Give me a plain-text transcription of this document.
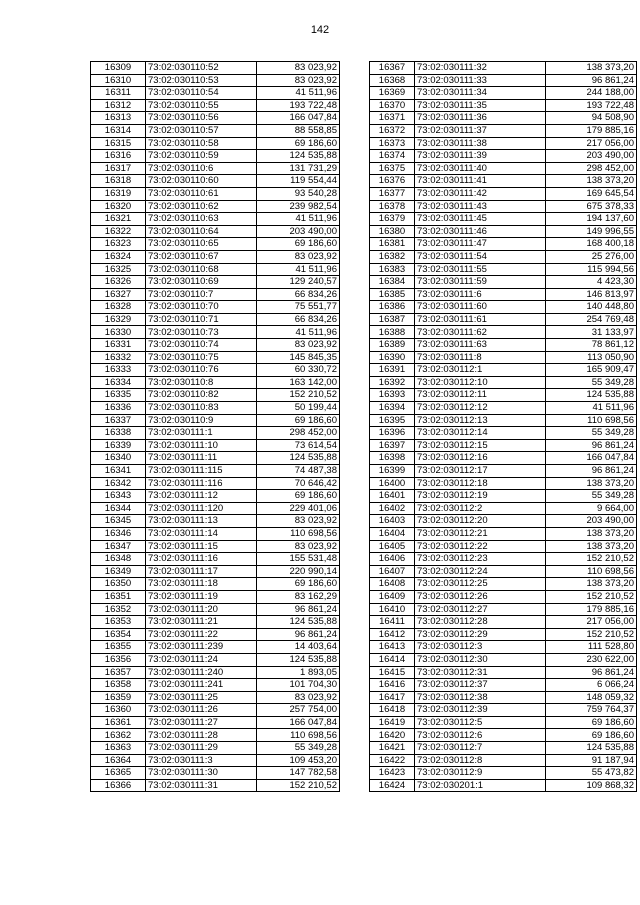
142
16309	73:02:030110:52	83 023,92
16310	73:02:030110:53	83 023,92
16311	73:02:030110:54	41 511,96
16312	73:02:030110:55	193 722,48
16313	73:02:030110:56	166 047,84
16314	73:02:030110:57	88 558,85
16315	73:02:030110:58	69 186,60
16316	73:02:030110:59	124 535,88
16317	73:02:030110:6	131 731,29
16318	73:02:030110:60	119 554,44
16319	73:02:030110:61	93 540,28
16320	73:02:030110:62	239 982,54
16321	73:02:030110:63	41 511,96
16322	73:02:030110:64	203 490,00
16323	73:02:030110:65	69 186,60
16324	73:02:030110:67	83 023,92
16325	73:02:030110:68	41 511,96
16326	73:02:030110:69	129 240,57
16327	73:02:030110:7	66 834,26
16328	73:02:030110:70	75 551,77
16329	73:02:030110:71	66 834,26
16330	73:02:030110:73	41 511,96
16331	73:02:030110:74	83 023,92
16332	73:02:030110:75	145 845,35
16333	73:02:030110:76	60 330,72
16334	73:02:030110:8	163 142,00
16335	73:02:030110:82	152 210,52
16336	73:02:030110:83	50 199,44
16337	73:02:030110:9	69 186,60
16338	73:02:030111:1	298 452,00
16339	73:02:030111:10	73 614,54
16340	73:02:030111:11	124 535,88
16341	73:02:030111:115	74 487,38
16342	73:02:030111:116	70 646,42
16343	73:02:030111:12	69 186,60
16344	73:02:030111:120	229 401,06
16345	73:02:030111:13	83 023,92
16346	73:02:030111:14	110 698,56
16347	73:02:030111:15	83 023,92
16348	73:02:030111:16	155 531,48
16349	73:02:030111:17	220 990,14
16350	73:02:030111:18	69 186,60
16351	73:02:030111:19	83 162,29
16352	73:02:030111:20	96 861,24
16353	73:02:030111:21	124 535,88
16354	73:02:030111:22	96 861,24
16355	73:02:030111:239	14 403,64
16356	73:02:030111:24	124 535,88
16357	73:02:030111:240	1 893,05
16358	73:02:030111:241	101 704,30
16359	73:02:030111:25	83 023,92
16360	73:02:030111:26	257 754,00
16361	73:02:030111:27	166 047,84
16362	73:02:030111:28	110 698,56
16363	73:02:030111:29	55 349,28
16364	73:02:030111:3	109 453,20
16365	73:02:030111:30	147 782,58
16366	73:02:030111:31	152 210,52
16367	73:02:030111:32	138 373,20
16368	73:02:030111:33	96 861,24
16369	73:02:030111:34	244 188,00
16370	73:02:030111:35	193 722,48
16371	73:02:030111:36	94 508,90
16372	73:02:030111:37	179 885,16
16373	73:02:030111:38	217 056,00
16374	73:02:030111:39	203 490,00
16375	73:02:030111:40	298 452,00
16376	73:02:030111:41	138 373,20
16377	73:02:030111:42	169 645,54
16378	73:02:030111:43	675 378,33
16379	73:02:030111:45	194 137,60
16380	73:02:030111:46	149 996,55
16381	73:02:030111:47	168 400,18
16382	73:02:030111:54	25 276,00
16383	73:02:030111:55	115 994,56
16384	73:02:030111:59	4 423,30
16385	73:02:030111:6	146 813,97
16386	73:02:030111:60	140 448,80
16387	73:02:030111:61	254 769,48
16388	73:02:030111:62	31 133,97
16389	73:02:030111:63	78 861,12
16390	73:02:030111:8	113 050,90
16391	73:02:030112:1	165 909,47
16392	73:02:030112:10	55 349,28
16393	73:02:030112:11	124 535,88
16394	73:02:030112:12	41 511,96
16395	73:02:030112:13	110 698,56
16396	73:02:030112:14	55 349,28
16397	73:02:030112:15	96 861,24
16398	73:02:030112:16	166 047,84
16399	73:02:030112:17	96 861,24
16400	73:02:030112:18	138 373,20
16401	73:02:030112:19	55 349,28
16402	73:02:030112:2	9 664,00
16403	73:02:030112:20	203 490,00
16404	73:02:030112:21	138 373,20
16405	73:02:030112:22	138 373,20
16406	73:02:030112:23	152 210,52
16407	73:02:030112:24	110 698,56
16408	73:02:030112:25	138 373,20
16409	73:02:030112:26	152 210,52
16410	73:02:030112:27	179 885,16
16411	73:02:030112:28	217 056,00
16412	73:02:030112:29	152 210,52
16413	73:02:030112:3	111 528,80
16414	73:02:030112:30	230 622,00
16415	73:02:030112:31	96 861,24
16416	73:02:030112:37	6 066,24
16417	73:02:030112:38	148 059,32
16418	73:02:030112:39	759 764,37
16419	73:02:030112:5	69 186,60
16420	73:02:030112:6	69 186,60
16421	73:02:030112:7	124 535,88
16422	73:02:030112:8	91 187,94
16423	73:02:030112:9	55 473,82
16424	73:02:030201:1	109 868,32
